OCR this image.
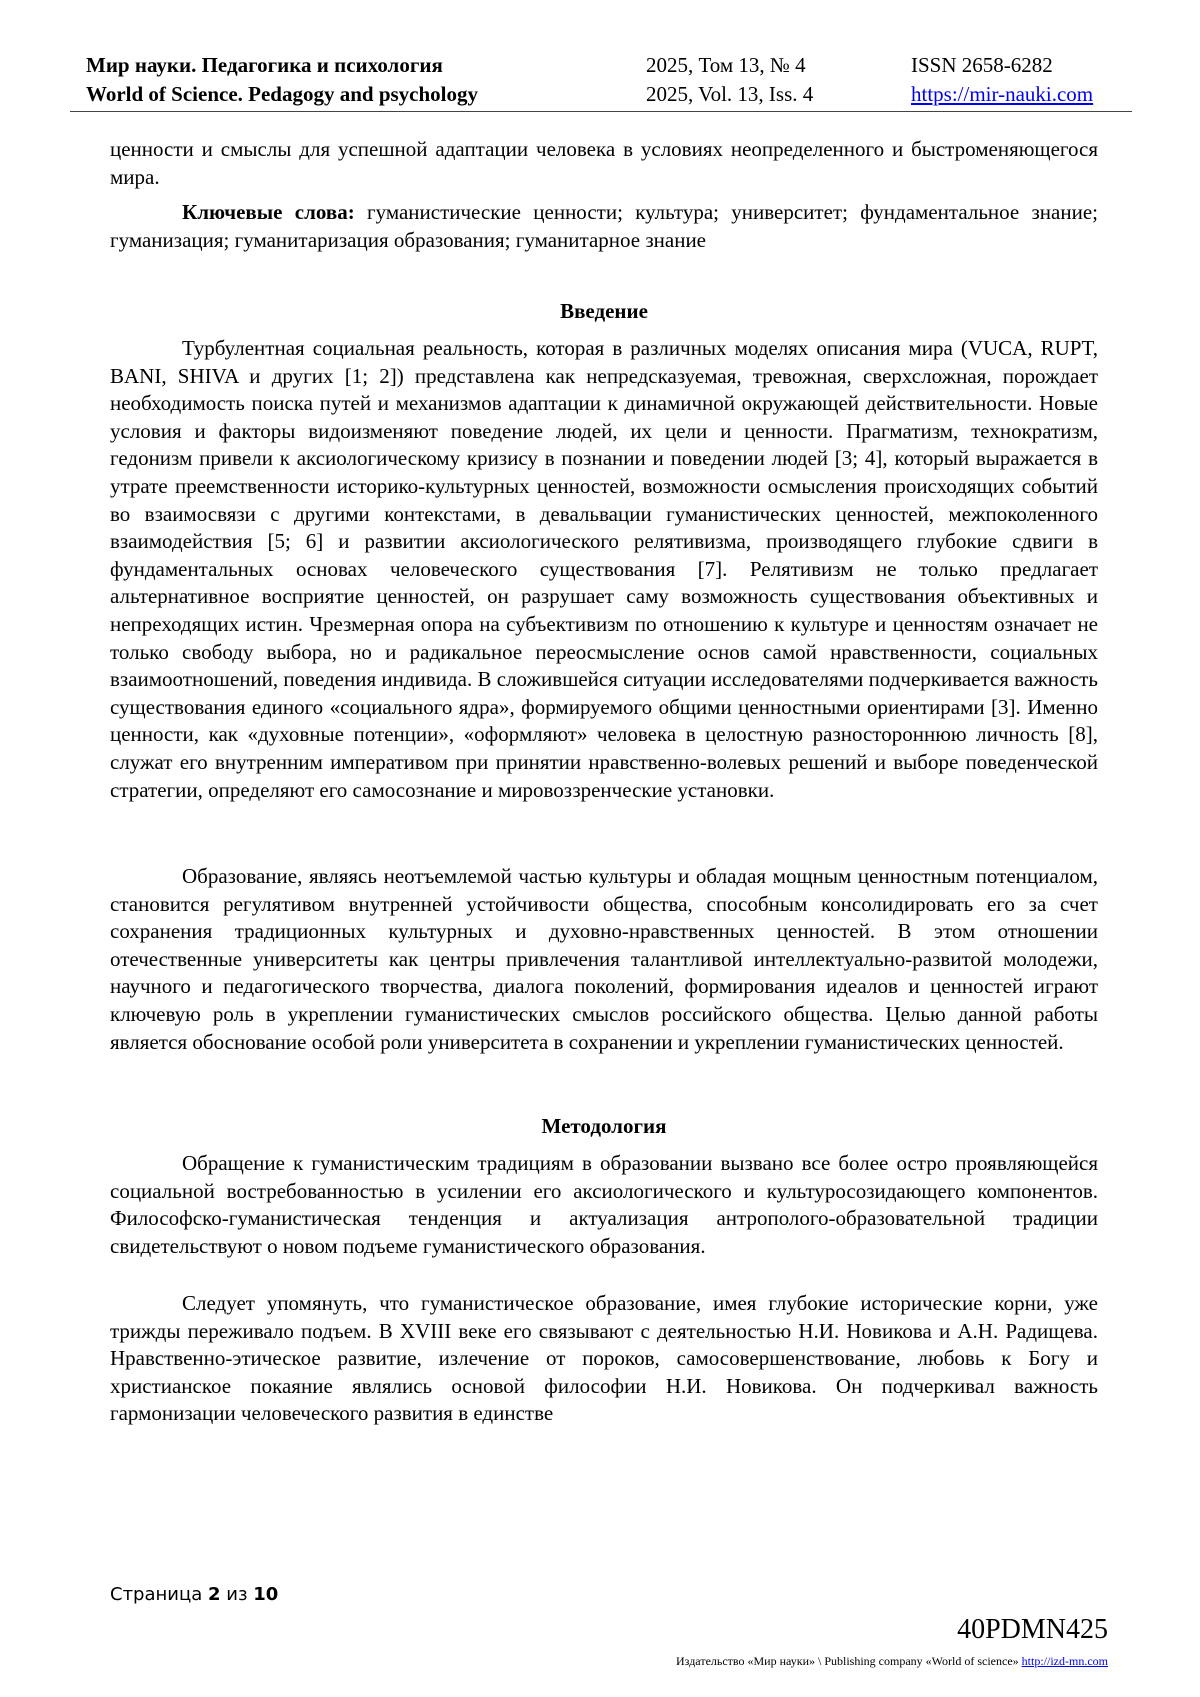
Мир науки. Педагогика и психология
World of Science. Pedagogy and psychology
2025, Том 13, № 4
2025, Vol. 13, Iss. 4
ISSN 2658-6282
https://mir-nauki.com

ценности и смыслы для успешной адаптации человека в условиях неопределенного и быстроменяющегося мира.

Ключевые слова: гуманистические ценности; культура; университет; фундаментальное знание; гуманизация; гуманитаризация образования; гуманитарное знание

Введение

Турбулентная социальная реальность, которая в различных моделях описания мира (VUCA, RUPT, BANI, SHIVA и других [1; 2]) представлена как непредсказуемая, тревожная, сверхсложная, порождает необходимость поиска путей и механизмов адаптации к динамичной окружающей действительности. Новые условия и факторы видоизменяют поведение людей, их цели и ценности. Прагматизм, технократизм, гедонизм привели к аксиологическому кризису в познании и поведении людей [3; 4], который выражается в утрате преемственности историко-культурных ценностей, возможности осмысления происходящих событий во взаимосвязи с другими контекстами, в девальвации гуманистических ценностей, межпоколенного взаимодействия [5; 6] и развитии аксиологического релятивизма, производящего глубокие сдвиги в фундаментальных основах человеческого существования [7]. Релятивизм не только предлагает альтернативное восприятие ценностей, он разрушает саму возможность существования объективных и непреходящих истин. Чрезмерная опора на субъективизм по отношению к культуре и ценностям означает не только свободу выбора, но и радикальное переосмысление основ самой нравственности, социальных взаимоотношений, поведения индивида. В сложившейся ситуации исследователями подчеркивается важность существования единого «социального ядра», формируемого общими ценностными ориентирами [3]. Именно ценности, как «духовные потенции», «оформляют» человека в целостную разностороннюю личность [8], служат его внутренним императивом при принятии нравственно-волевых решений и выборе поведенческой стратегии, определяют его самосознание и мировоззренческие установки.

Образование, являясь неотъемлемой частью культуры и обладая мощным ценностным потенциалом, становится регулятивом внутренней устойчивости общества, способным консолидировать его за счет сохранения традиционных культурных и духовно-нравственных ценностей. В этом отношении отечественные университеты как центры привлечения талантливой интеллектуально-развитой молодежи, научного и педагогического творчества, диалога поколений, формирования идеалов и ценностей играют ключевую роль в укреплении гуманистических смыслов российского общества. Целью данной работы является обоснование особой роли университета в сохранении и укреплении гуманистических ценностей.

Методология

Обращение к гуманистическим традициям в образовании вызвано все более остро проявляющейся социальной востребованностью в усилении его аксиологического и культуросозидающего компонентов. Философско-гуманистическая тенденция и актуализация антрополого-образовательной традиции свидетельствуют о новом подъеме гуманистического образования.

Следует упомянуть, что гуманистическое образование, имея глубокие исторические корни, уже трижды переживало подъем. В XVIII веке его связывают с деятельностью Н.И. Новикова и А.Н. Радищева. Нравственно-этическое развитие, излечение от пороков, самосовершенствование, любовь к Богу и христианское покаяние являлись основой философии Н.И. Новикова. Он подчеркивал важность гармонизации человеческого развития в единстве

Страница 2 из 10
40PDMN425
Издательство «Мир науки» \ Publishing company «World of science» http://izd-mn.com
